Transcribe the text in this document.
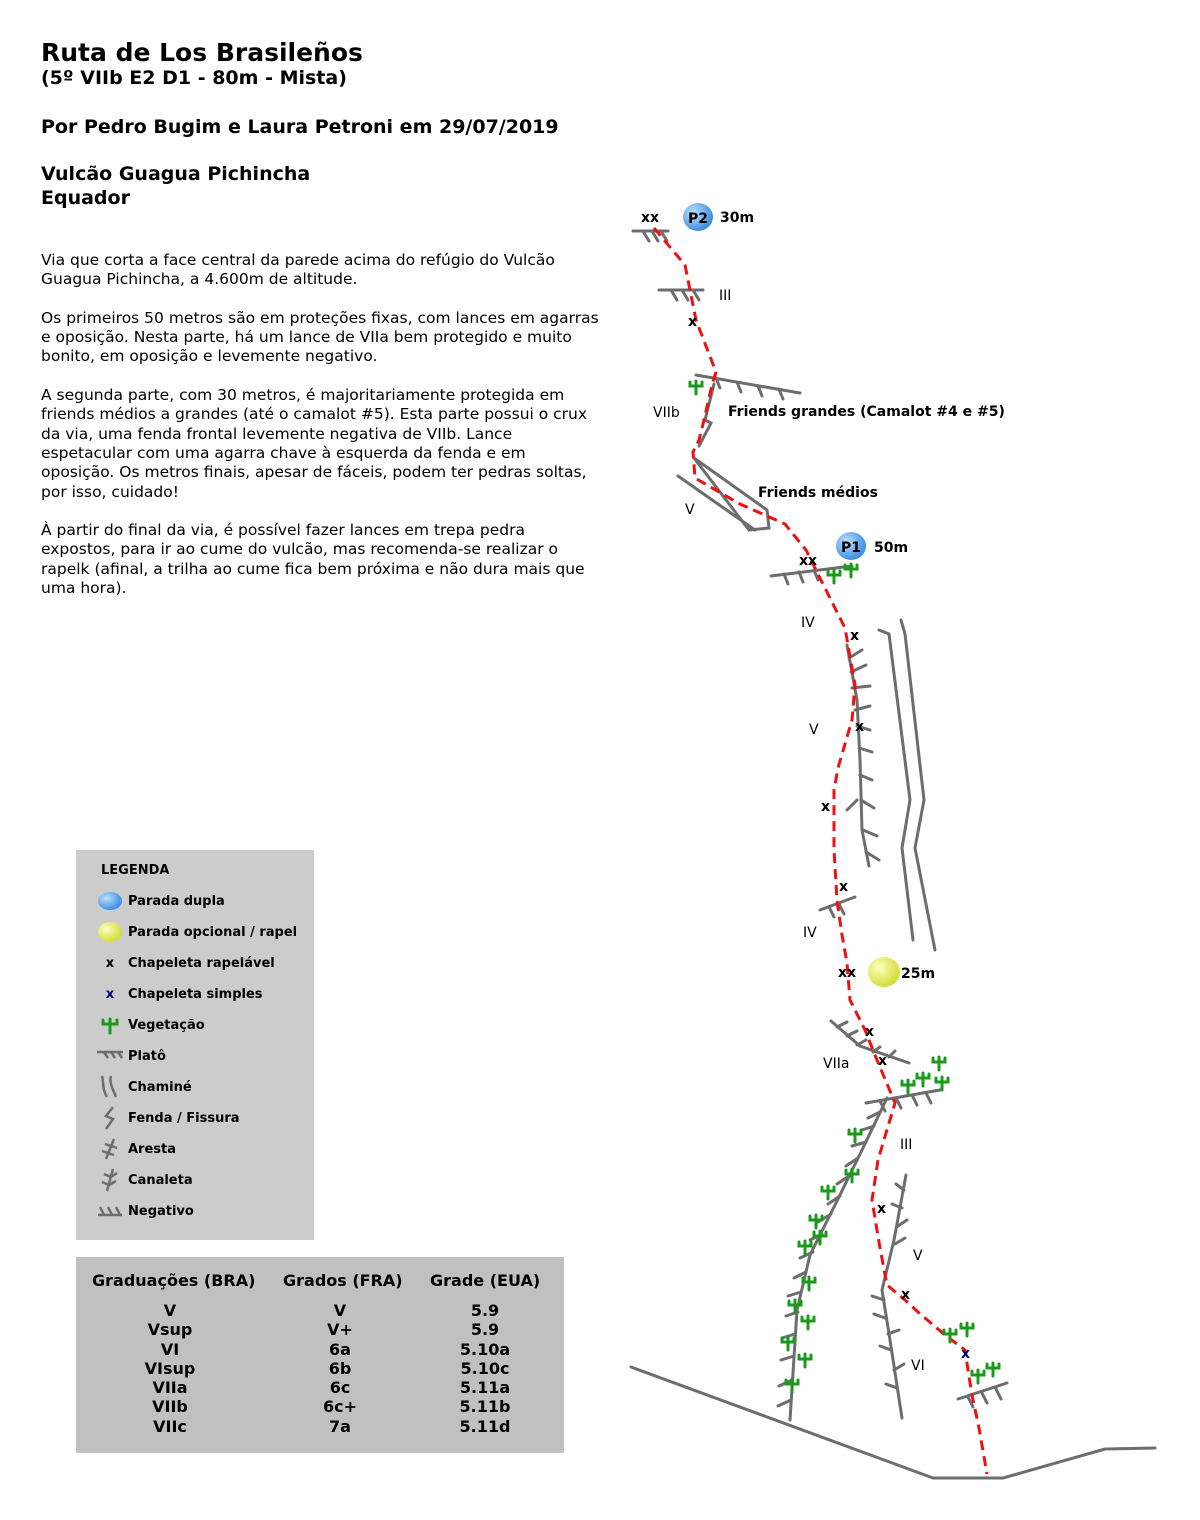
Ruta de Los Brasileños
(5º VIIb E2 D1 - 80m - Mista)
Por Pedro Bugim e Laura Petroni em 29/07/2019
Vulcão Guagua Pichincha
Equador

Via que corta a face central da parede acima do refúgio do Vulcão Guagua Pichincha, a 4.600m de altitude.

Os primeiros 50 metros são em proteções fixas, com lances em agarras e oposição. Nesta parte, há um lance de VIIa bem protegido e muito bonito, em oposição e levemente negativo.

A segunda parte, com 30 metros, é majoritariamente protegida em friends médios a grandes (até o camalot #5). Esta parte possui o crux da via, uma fenda frontal levemente negativa de VIIb. Lance espetacular com uma agarra chave à esquerda da fenda e em oposição. Os metros finais, apesar de fáceis, podem ter pedras soltas, por isso, cuidado!

À partir do final da via, é possível fazer lances em trepa pedra expostos, para ir ao cume do vulcão, mas recomenda-se realizar o rapelk (afinal, a trilha ao cume fica bem próxima e não dura mais que uma hora).

LEGENDA
Parada dupla
Parada opcional / rapel
x	Chapeleta rapelável
x	Chapeleta simples
Vegetação
Platô
Chaminé
Fenda / Fissura
Aresta
Canaleta
Negativo
Graduações (BRA) Grados (FRA) Grade (EUA)
V
Vsup
VI
VIsup
VIIa
VIIb
VIIc
V
V+
6a
6b
6c
6c+
7a
5.9
5.9
5.10a
5.10c
5.11a
5.11b
5.11d
P2 30m
xx
P1 50m
xx
25m
xx
x
x
x
x
x
x
x
x
x
x
III
VIIb
V
IV
V
IV
VIIa
III
V
VI
Friends grandes (Camalot #4 e #5)
Friends médios
